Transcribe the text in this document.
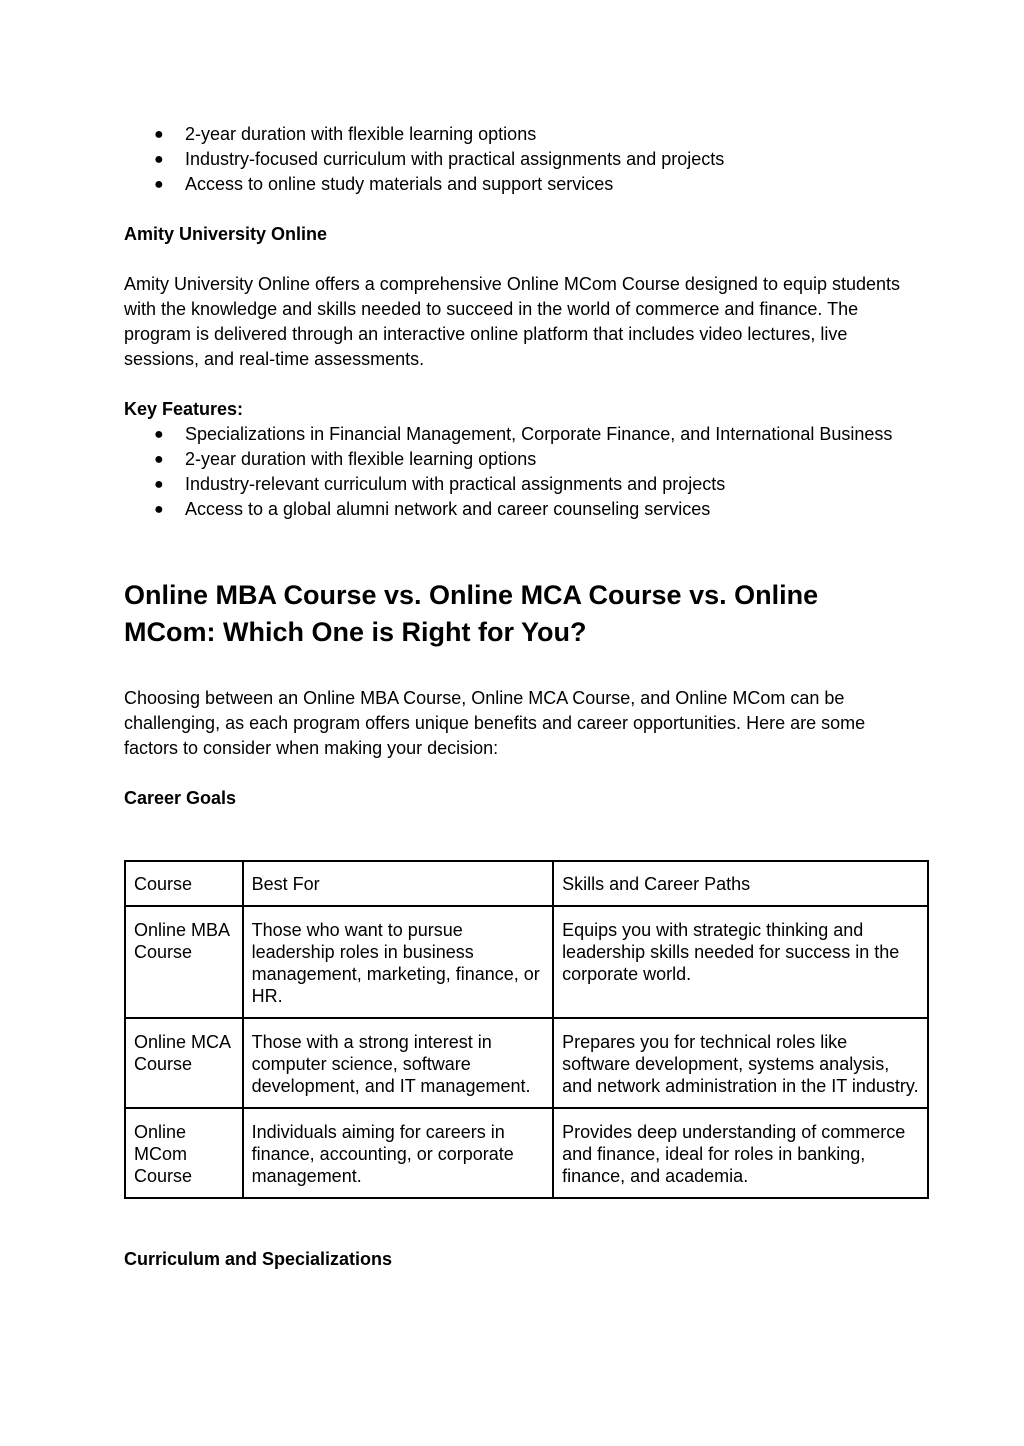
● 2-year duration with flexible learning options
● Industry-focused curriculum with practical assignments and projects
● Access to online study materials and support services

Amity University Online

Amity University Online offers a comprehensive Online MCom Course designed to equip students with the knowledge and skills needed to succeed in the world of commerce and finance. The program is delivered through an interactive online platform that includes video lectures, live sessions, and real-time assessments.

Key Features:

● Specializations in Financial Management, Corporate Finance, and International Business
● 2-year duration with flexible learning options
● Industry-relevant curriculum with practical assignments and projects
● Access to a global alumni network and career counseling services
Online MBA Course vs. Online MCA Course vs. Online MCom: Which One is Right for You?

Choosing between an Online MBA Course, Online MCA Course, and Online MCom can be challenging, as each program offers unique benefits and career opportunities. Here are some factors to consider when making your decision:

Career Goals

Course	Best For	Skills and Career Paths
Online MBA Course	Those who want to pursue leadership roles in business management, marketing, finance, or HR.	Equips you with strategic thinking and leadership skills needed for success in the corporate world.
Online MCA Course	Those with a strong interest in computer science, software development, and IT management.	Prepares you for technical roles like software development, systems analysis, and network administration in the IT industry.
Online MCom Course	Individuals aiming for careers in finance, accounting, or corporate management.	Provides deep understanding of commerce and finance, ideal for roles in banking, finance, and academia.

Curriculum and Specializations
